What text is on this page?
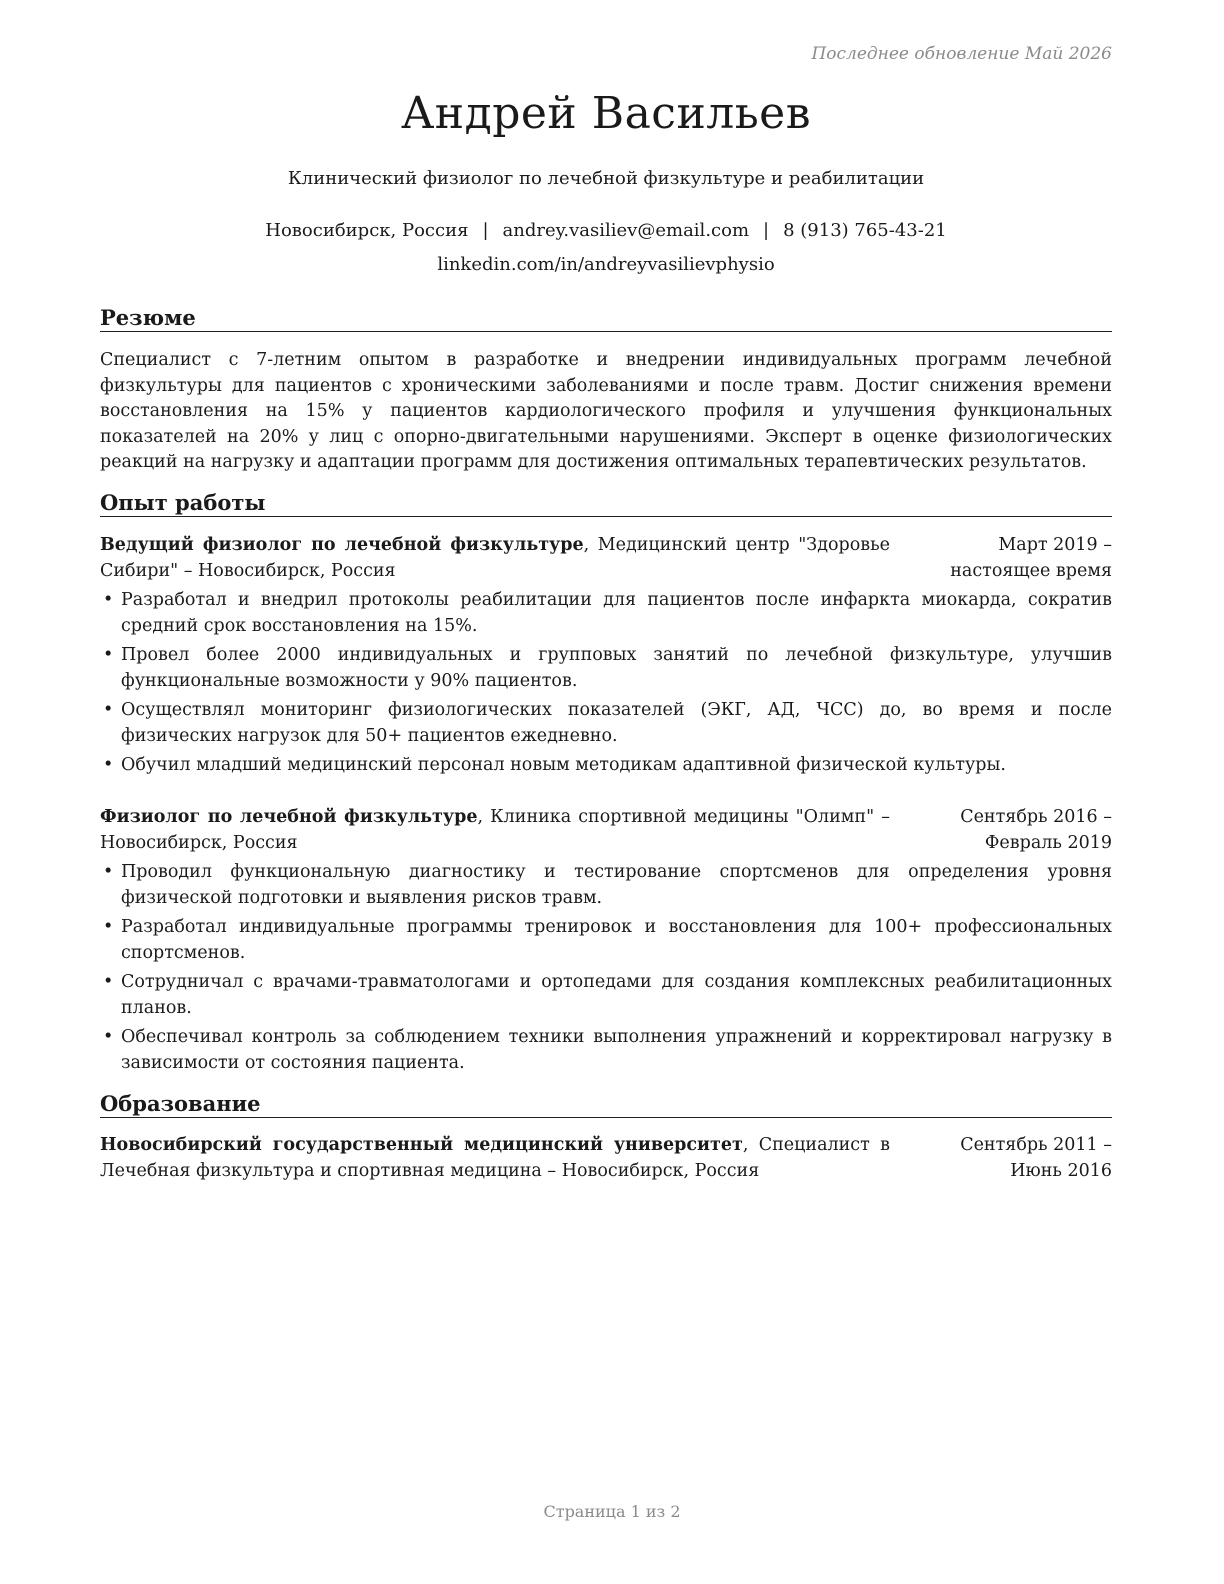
Последнее обновление Май 2026
Андрей Васильев
Клинический физиолог по лечебной физкультуре и реабилитации
Новосибирск, Россия | andrey.vasiliev@email.com | 8 (913) 765-43-21
linkedin.com/in/andreyvasilievphysio
Резюме

Специалист с 7-летним опытом в разработке и внедрении индивидуальных программ лечебной физкультуры для пациентов с хроническими заболеваниями и после травм. Достиг снижения времени восстановления на 15% у пациентов кардиологического профиля и улучшения функциональных показателей на 20% у лиц с опорно-двигательными нарушениями. Эксперт в оценке физиологических реакций на нагрузку и адаптации программ для достижения оптимальных терапевтических результатов.

Опыт работы
Ведущий физиолог по лечебной физкультуре, Медицинский центр "Здоровье Сибири" – Новосибирск, Россия
Март 2019 – настоящее время
• Разработал и внедрил протоколы реабилитации для пациентов после инфаркта миокарда, сократив средний срок восстановления на 15%.
• Провел более 2000 индивидуальных и групповых занятий по лечебной физкультуре, улучшив функциональные возможности у 90% пациентов.
• Осуществлял мониторинг физиологических показателей (ЭКГ, АД, ЧСС) до, во время и после физических нагрузок для 50+ пациентов ежедневно.
• Обучил младший медицинский персонал новым методикам адаптивной физической культуры.
Физиолог по лечебной физкультуре, Клиника спортивной медицины "Олимп" – Новосибирск, Россия
Сентябрь 2016 – Февраль 2019
• Проводил функциональную диагностику и тестирование спортсменов для определения уровня физической подготовки и выявления рисков травм.
• Разработал индивидуальные программы тренировок и восстановления для 100+ профессиональных спортсменов.
• Сотрудничал с врачами-травматологами и ортопедами для создания комплексных реабилитационных планов.
• Обеспечивал контроль за соблюдением техники выполнения упражнений и корректировал нагрузку в зависимости от состояния пациента.
Образование
Новосибирский государственный медицинский университет, Специалист в Лечебная физкультура и спортивная медицина – Новосибирск, Россия
Сентябрь 2011 – Июнь 2016
Страница 1 из 2
